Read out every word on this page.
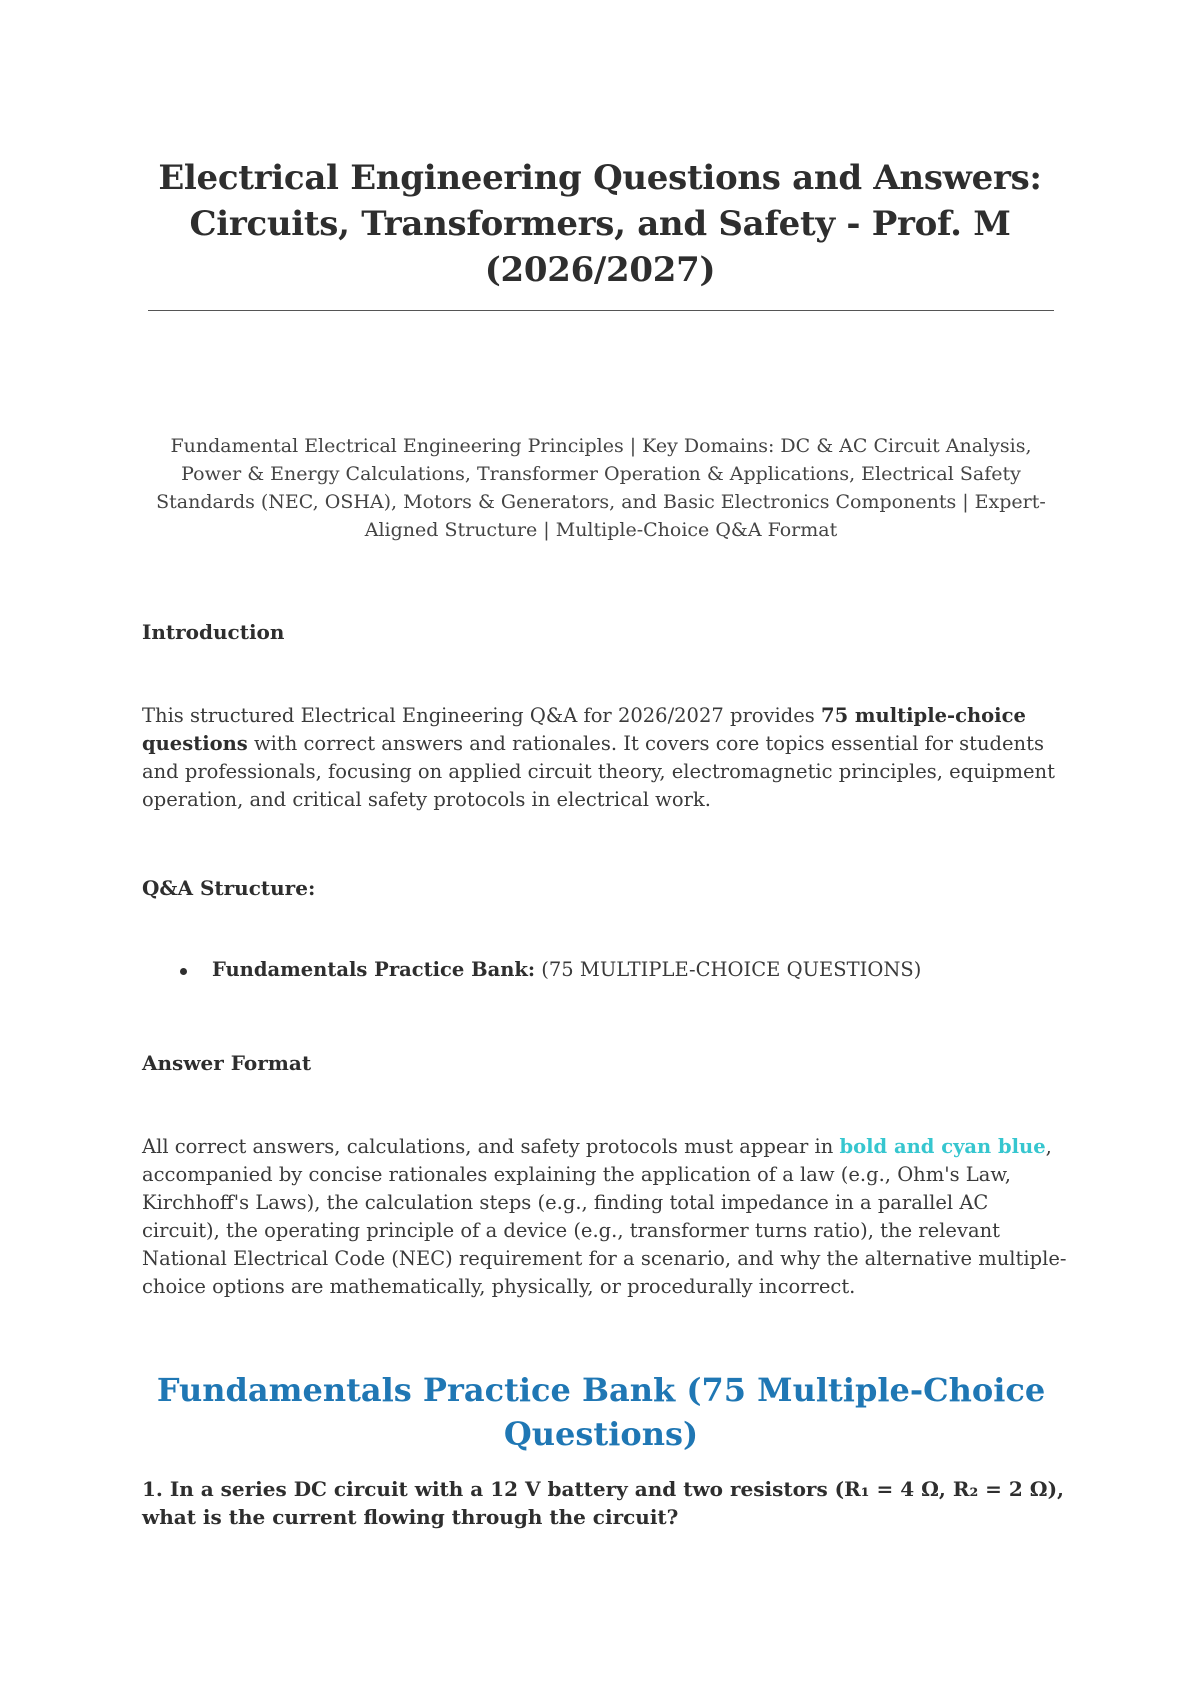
Electrical Engineering Questions and Answers: Circuits, Transformers, and Safety - Prof. M (2026/2027)

Fundamental Electrical Engineering Principles | Key Domains: DC & AC Circuit Analysis, Power & Energy Calculations, Transformer Operation & Applications, Electrical Safety Standards (NEC, OSHA), Motors & Generators, and Basic Electronics Components | Expert-Aligned Structure | Multiple-Choice Q&A Format

Introduction

This structured Electrical Engineering Q&A for 2026/2027 provides 75 multiple-choice questions with correct answers and rationales. It covers core topics essential for students and professionals, focusing on applied circuit theory, electromagnetic principles, equipment operation, and critical safety protocols in electrical work.

Q&A Structure:
Fundamentals Practice Bank: (75 MULTIPLE-CHOICE QUESTIONS)
Answer Format

All correct answers, calculations, and safety protocols must appear in bold and cyan blue, accompanied by concise rationales explaining the application of a law (e.g., Ohm's Law, Kirchhoff's Laws), the calculation steps (e.g., finding total impedance in a parallel AC circuit), the operating principle of a device (e.g., transformer turns ratio), the relevant National Electrical Code (NEC) requirement for a scenario, and why the alternative multiple-choice options are mathematically, physically, or procedurally incorrect.

Fundamentals Practice Bank (75 Multiple-Choice Questions)

1. In a series DC circuit with a 12 V battery and two resistors (R₁ = 4 Ω, R₂ = 2 Ω), what is the current flowing through the circuit?
